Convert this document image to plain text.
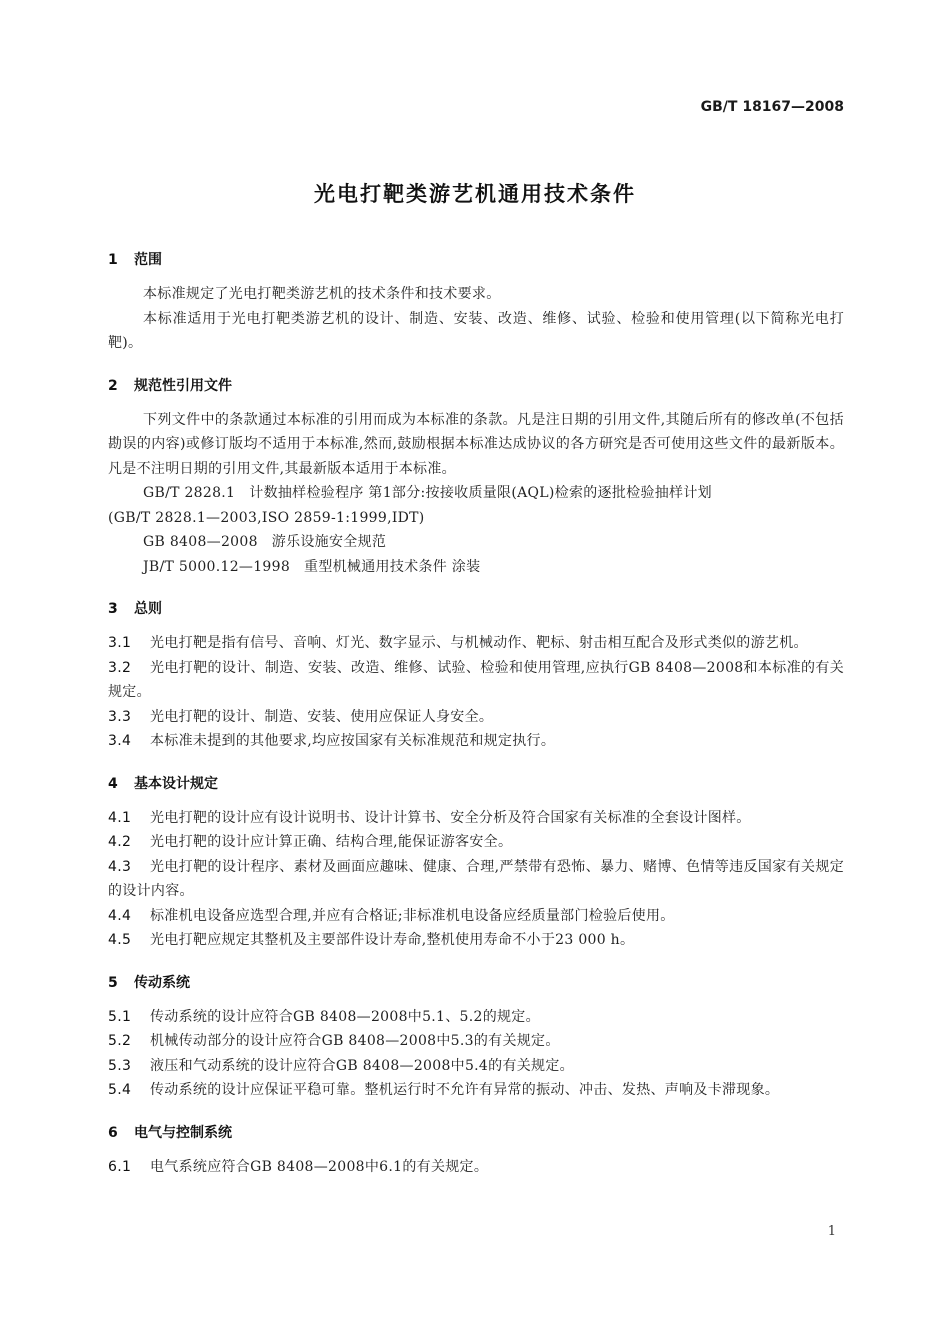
GB/T 18167—2008
光电打靶类游艺机通用技术条件
1 范围
本标准规定了光电打靶类游艺机的技术条件和技术要求。
本标准适用于光电打靶类游艺机的设计、制造、安装、改造、维修、试验、检验和使用管理(以下简称光电打靶)。
2 规范性引用文件
下列文件中的条款通过本标准的引用而成为本标准的条款。凡是注日期的引用文件,其随后所有的修改单(不包括勘误的内容)或修订版均不适用于本标准,然而,鼓励根据本标准达成协议的各方研究是否可使用这些文件的最新版本。凡是不注明日期的引用文件,其最新版本适用于本标准。
GB/T 2828.1 计数抽样检验程序 第1部分:按接收质量限(AQL)检索的逐批检验抽样计划
(GB/T 2828.1—2003,ISO 2859-1:1999,IDT)
GB 8408—2008 游乐设施安全规范
JB/T 5000.12—1998 重型机械通用技术条件 涂装
3 总则
3.1 光电打靶是指有信号、音响、灯光、数字显示、与机械动作、靶标、射击相互配合及形式类似的游艺机。
3.2 光电打靶的设计、制造、安装、改造、维修、试验、检验和使用管理,应执行GB 8408—2008和本标准的有关规定。
3.3 光电打靶的设计、制造、安装、使用应保证人身安全。
3.4 本标准未提到的其他要求,均应按国家有关标准规范和规定执行。
4 基本设计规定
4.1 光电打靶的设计应有设计说明书、设计计算书、安全分析及符合国家有关标准的全套设计图样。
4.2 光电打靶的设计应计算正确、结构合理,能保证游客安全。
4.3 光电打靶的设计程序、素材及画面应趣味、健康、合理,严禁带有恐怖、暴力、赌博、色情等违反国家有关规定的设计内容。
4.4 标准机电设备应选型合理,并应有合格证;非标准机电设备应经质量部门检验后使用。
4.5 光电打靶应规定其整机及主要部件设计寿命,整机使用寿命不小于23 000 h。
5 传动系统
5.1 传动系统的设计应符合GB 8408—2008中5.1、5.2的规定。
5.2 机械传动部分的设计应符合GB 8408—2008中5.3的有关规定。
5.3 液压和气动系统的设计应符合GB 8408—2008中5.4的有关规定。
5.4 传动系统的设计应保证平稳可靠。整机运行时不允许有异常的振动、冲击、发热、声响及卡滞现象。
6 电气与控制系统
6.1 电气系统应符合GB 8408—2008中6.1的有关规定。
1
